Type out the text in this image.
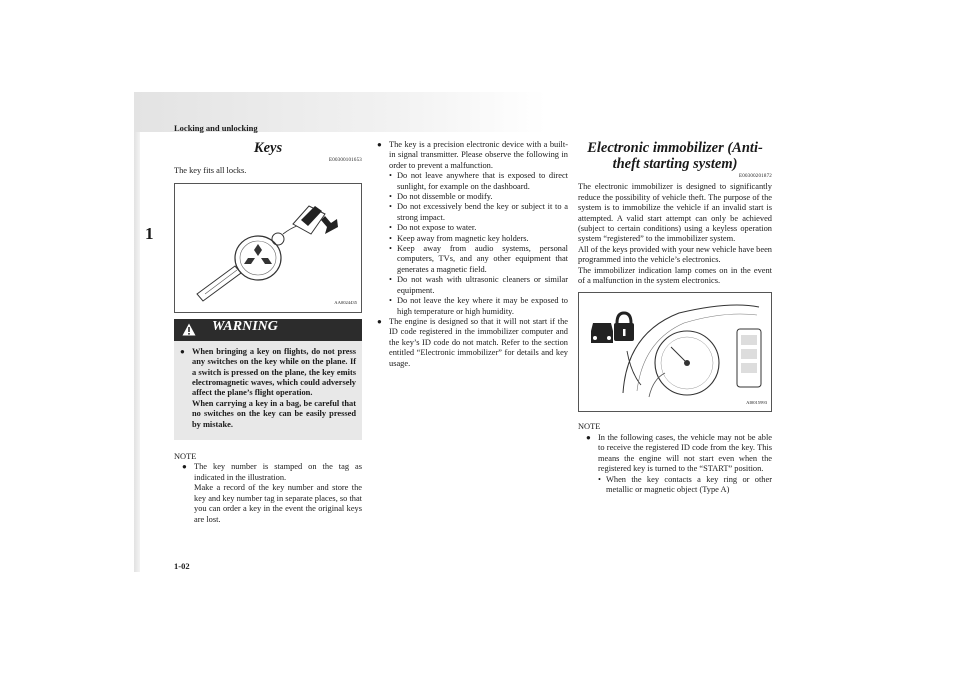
Locking and unlocking
1
1-02
Keys
E00300101653
The key fits all locks.
AA0024435
WARNING
● When bringing a key on flights, do not press any switches on the key while on the plane. If a switch is pressed on the plane, the key emits electromagnetic waves, which could adversely affect the plane’s flight operation.
When carrying a key in a bag, be careful that no switches on the key can be easily pressed by mistake.
NOTE
● The key number is stamped on the tag as indicated in the illustration.
Make a record of the key number and store the key and key number tag in separate places, so that you can order a key in the event the original keys are lost.
● The key is a precision electronic device with a built-in signal transmitter. Please observe the following in order to prevent a malfunction.
• Do not leave anywhere that is exposed to direct sunlight, for example on the dashboard.
• Do not dissemble or modify.
• Do not excessively bend the key or subject it to a strong impact.
• Do not expose to water.
• Keep away from magnetic key holders.
• Keep away from audio systems, personal computers, TVs, and any other equipment that generates a magnetic field.
• Do not wash with ultrasonic cleaners or similar equipment.
• Do not leave the key where it may be exposed to high temperature or high humidity.
● The engine is designed so that it will not start if the ID code registered in the immobilizer computer and the key’s ID code do not match. Refer to the section entitled “Electronic immobilizer” for details and key usage.
Electronic immobilizer (Anti-theft starting system)
E00300201872
The electronic immobilizer is designed to significantly reduce the possibility of vehicle theft. The purpose of the system is to immobilize the vehicle if an invalid start is attempted. A valid start attempt can only be achieved (subject to certain conditions) using a keyless operation system “registered” to the immobilizer system.
All of the keys provided with your new vehicle have been programmed into the vehicle’s electronics.
The immobilizer indication lamp comes on in the event of a malfunction in the system electronics.
AI0015993
NOTE
● In the following cases, the vehicle may not be able to receive the registered ID code from the key. This means the engine will not start even when the registered key is turned to the “START” position.
• When the key contacts a key ring or other metallic or magnetic object (Type A)
